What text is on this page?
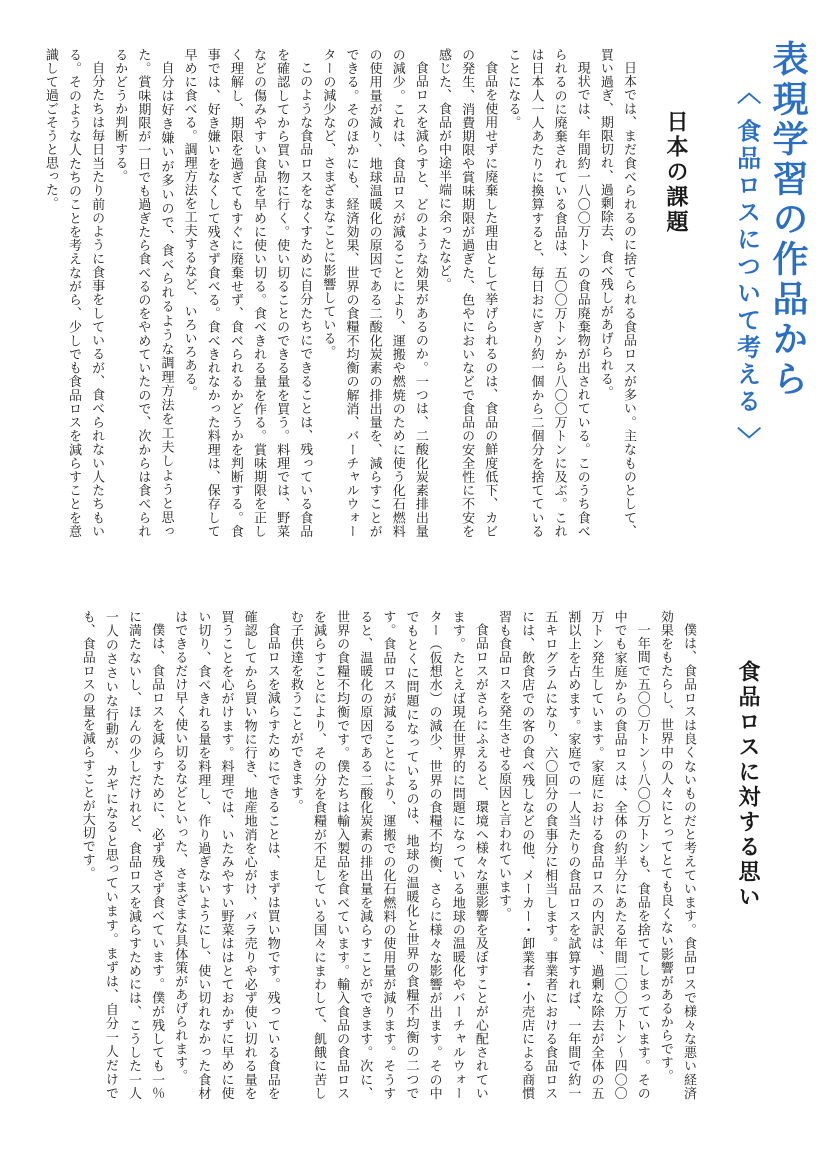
表現学習の作品から
〈 食品ロスについて考える 〉
日本の課題

日本では、まだ食べられるのに捨てられる食品ロスが多い。主なものとして、買い過ぎ、期限切れ、過剰除去、食べ残しがあげられる。

現状では、年間約一八〇〇万トンの食品廃棄物が出されている。このうち食べられるのに廃棄されている食品は、五〇〇万トンから八〇〇万トンに及ぶ。これは日本人一人あたりに換算すると、毎日おにぎり約一個から二個分を捨てていることになる。

食品を使用せずに廃棄した理由として挙げられるのは、食品の鮮度低下、カビの発生、消費期限や賞味期限が過ぎた、色やにおいなどで食品の安全性に不安を感じた、食品が中途半端に余ったなど。

食品ロスを減らすと、どのような効果があるのか。一つは、二酸化炭素排出量の減少。これは、食品ロスが減ることにより、運搬や燃焼のために使う化石燃料の使用量が減り、地球温暖化の原因である二酸化炭素の排出量を、減らすことができる。そのほかにも、経済効果、世界の食糧不均衡の解消、バーチャルウォーターの減少など、さまざまなことに影響している。

このような食品ロスをなくすために自分たちにできることは、残っている食品を確認してから買い物に行く。使い切ることのできる量を買う。料理では、野菜などの傷みやすい食品を早めに使い切る。食べきれる量を作る。賞味期限を正しく理解し、期限を過ぎてもすぐに廃棄せず、食べられるかどうかを判断する。食事では、好き嫌いをなくして残さず食べる。食べきれなかった料理は、保存して早めに食べる。調理方法を工夫するなど、いろいろある。

自分は好き嫌いが多いので、食べられるような調理方法を工夫しようと思った。賞味期限が一日でも過ぎたら食べるのをやめていたので、次からは食べられるかどうか判断する。

自分たちは毎日当たり前のように食事をしているが、食べられない人たちもいる。そのような人たちのことを考えながら、少しでも食品ロスを減らすことを意識して過ごそうと思った。

食品ロスに対する思い

僕は、食品ロスは良くないものだと考えています。食品ロスで様々な悪い経済効果をもたらし、世界中の人々にとってとても良くない影響があるからです。

一年間で五〇〇万トン～八〇〇万トンも、食品を捨ててしまっています。その中でも家庭からの食品ロスは、全体の約半分にあたる年間二〇〇万トン～四〇〇万トン発生しています。家庭における食品ロスの内訳は、過剰な除去が全体の五割以上を占めます。家庭での一人当たりの食品ロスを試算すれば、一年間で約一五キログラムになり、六〇回分の食事分に相当します。事業者における食品ロスには、飲食店での客の食べ残しなどの他、メーカー・卸業者・小売店による商慣習も食品ロスを発生させる原因と言われています。

食品ロスがさらにふえると、環境へ様々な悪影響を及ぼすことが心配されています。たとえば現在世界的に問題になっている地球の温暖化やバーチャルウォーター（仮想水）の減少、世界の食糧不均衡、さらに様々な影響が出ます。その中でもとくに問題になっているのは、地球の温暖化と世界の食糧不均衡の二つです。食品ロスが減ることにより、運搬での化石燃料の使用量が減ります。そうすると、温暖化の原因である二酸化炭素の排出量を減らすことができます。次に、世界の食糧不均衡です。僕たちは輸入製品を食べています。輸入食品の食品ロスを減らすことにより、その分を食糧が不足している国々にまわして、飢餓に苦しむ子供達を救うことができます。

食品ロスを減らすためにできることは、まずは買い物です。残っている食品を確認してから買い物に行き、地産地消を心がけ、バラ売りや必ず使い切れる量を買うことを心がけます。料理では、いたみやすい野菜ははとておかずに早めに使い切り、食べきれる量を料理し、作り過ぎないようにし、使い切れなかった食材はできるだけ早く使い切るなどといった、さまざまな具体策があげられます。

僕は、食品ロスを減らすために、必ず残さず食べています。僕が残しても一％に満たないし、ほんの少しだけれど、食品ロスを減らすためには、こうした一人一人のささいな行動が、カギになると思っています。まずは、自分一人だけでも、食品ロスの量を減らすことが大切です。
